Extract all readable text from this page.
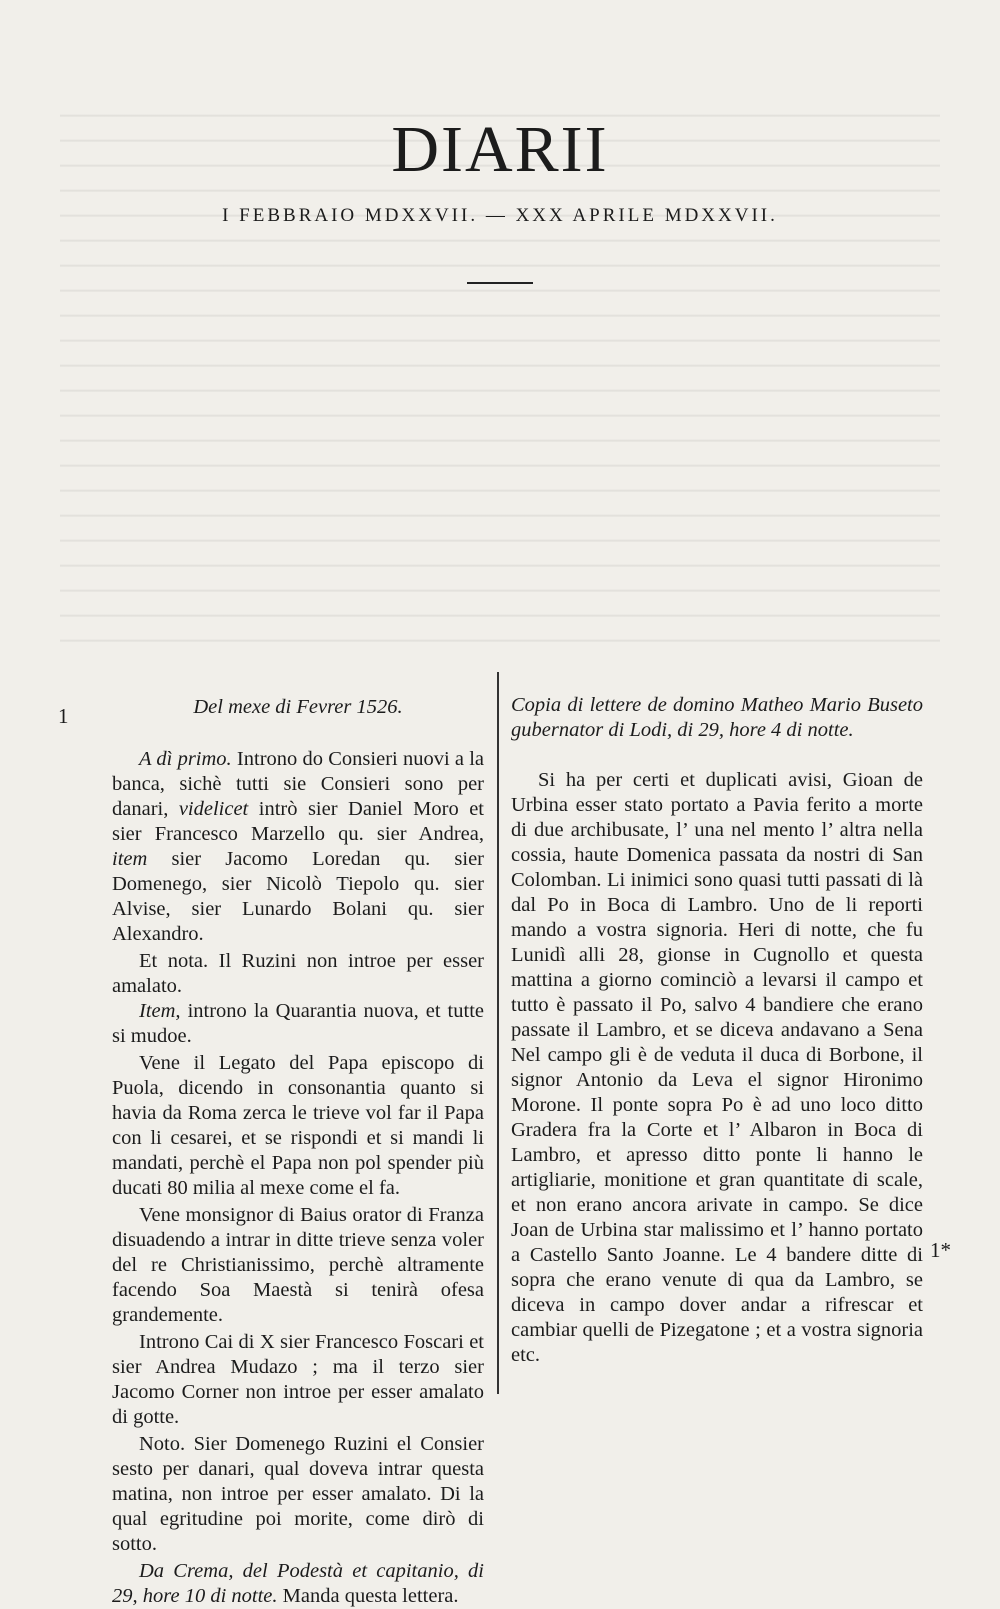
DIARII
I FEBBRAIO MDXXVII. — XXX APRILE MDXXVII.
1
1*

Del mexe di Fevrer 1526.

A dì primo. Introno do Consieri nuovi a la banca, sichè tutti sie Consieri sono per danari, videlicet intrò sier Daniel Moro et sier Francesco Marzello qu. sier Andrea, item sier Jacomo Loredan qu. sier Domenego, sier Nicolò Tiepolo qu. sier Alvise, sier Lunardo Bolani qu. sier Alexandro.

Et nota. Il Ruzini non introe per esser amalato.

Item, introno la Quarantia nuova, et tutte si mudoe.

Vene il Legato del Papa episcopo di Puola, dicendo in consonantia quanto si havia da Roma zerca le trieve vol far il Papa con li cesarei, et se rispondi et si mandi li mandati, perchè el Papa non pol spender più ducati 80 milia al mexe come el fa.

Vene monsignor di Baius orator di Franza disuadendo a intrar in ditte trieve senza voler del re Christianissimo, perchè altramente facendo Soa Maestà si tenirà ofesa grandemente.

Introno Cai di X sier Francesco Foscari et sier Andrea Mudazo ; ma il terzo sier Jacomo Corner non introe per esser amalato di gotte.

Noto. Sier Domenego Ruzini el Consier sesto per danari, qual doveva intrar questa matina, non introe per esser amalato. Di la qual egritudine poi morite, come dirò di sotto.

Da Crema, del Podestà et capitanio, di 29, hore 10 di notte. Manda questa lettera.

Copia di lettere de domino Matheo Mario Buseto gubernator di Lodi, di 29, hore 4 di notte.

Si ha per certi et duplicati avisi, Gioan de Urbina esser stato portato a Pavia ferito a morte di due archibusate, l’ una nel mento l’ altra nella cossia, haute Domenica passata da nostri di San Colomban. Li inimici sono quasi tutti passati di là dal Po in Boca di Lambro. Uno de li reporti mando a vostra signoria. Heri di notte, che fu Lunidì alli 28, gionse in Cugnollo et questa mattina a giorno cominciò a levarsi il campo et tutto è passato il Po, salvo 4 bandiere che erano passate il Lambro, et se diceva andavano a Sena Nel campo gli è de veduta il duca di Borbone, il signor Antonio da Leva el signor Hironimo Morone. Il ponte sopra Po è ad uno loco ditto Gradera fra la Corte et l’ Albaron in Boca di Lambro, et apresso ditto ponte li hanno le artigliarie, monitione et gran quantitate di scale, et non erano ancora arivate in campo. Se dice Joan de Urbina star malissimo et l’ hanno portato a Castello Santo Joanne. Le 4 bandere ditte di sopra che erano venute di qua da Lambro, se diceva in campo dover andar a rifrescar et cambiar quelli de Pizegatone ; et a vostra signoria etc.
